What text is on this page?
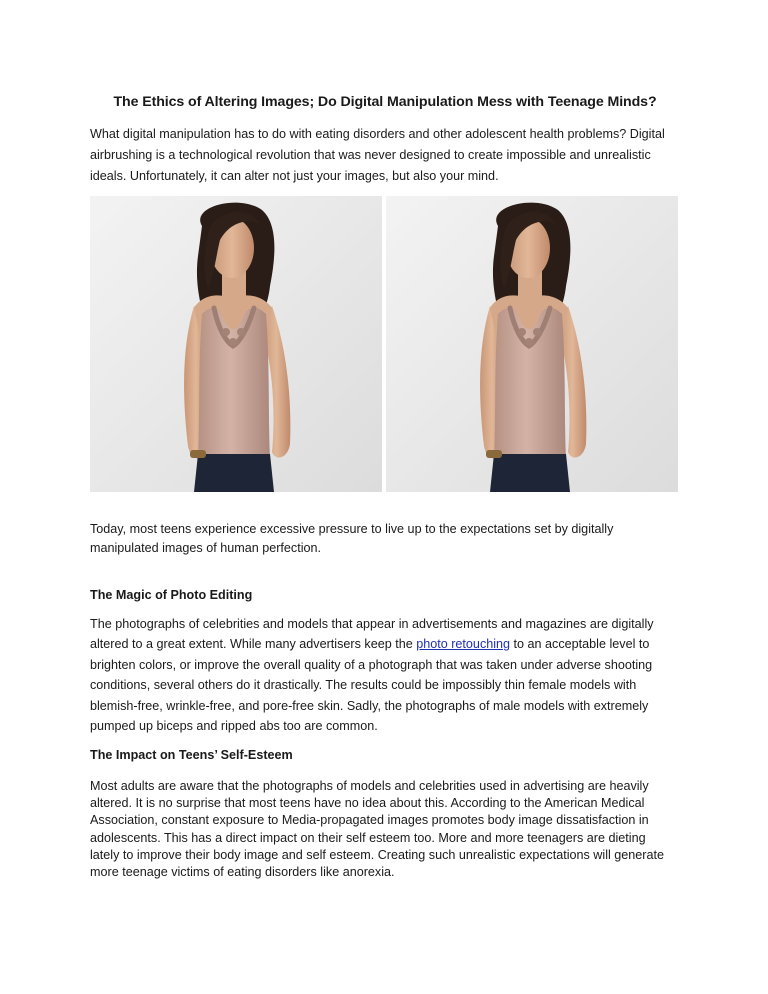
The Ethics of Altering Images; Do Digital Manipulation Mess with Teenage Minds?
What digital manipulation has to do with eating disorders and other adolescent health problems? Digital
airbrushing is a technological revolution that was never designed to create impossible and unrealistic
ideals. Unfortunately, it can alter not just your images, but also your mind.
Today, most teens experience excessive pressure to live up to the expectations set by digitally
manipulated images of human perfection.
The Magic of Photo Editing
The photographs of celebrities and models that appear in advertisements and magazines are digitally
altered to a great extent. While many advertisers keep the photo retouching to an acceptable level to
brighten colors, or improve the overall quality of a photograph that was taken under adverse shooting
conditions, several others do it drastically. The results could be impossibly thin female models with
blemish-free, wrinkle-free, and pore-free skin. Sadly, the photographs of male models with extremely
pumped up biceps and ripped abs too are common.
The Impact on Teens’ Self-Esteem
Most adults are aware that the photographs of models and celebrities used in advertising are heavily
altered. It is no surprise that most teens have no idea about this. According to the American Medical
Association, constant exposure to Media-propagated images promotes body image dissatisfaction in
adolescents. This has a direct impact on their self esteem too. More and more teenagers are dieting
lately to improve their body image and self esteem. Creating such unrealistic expectations will generate
more teenage victims of eating disorders like anorexia.
